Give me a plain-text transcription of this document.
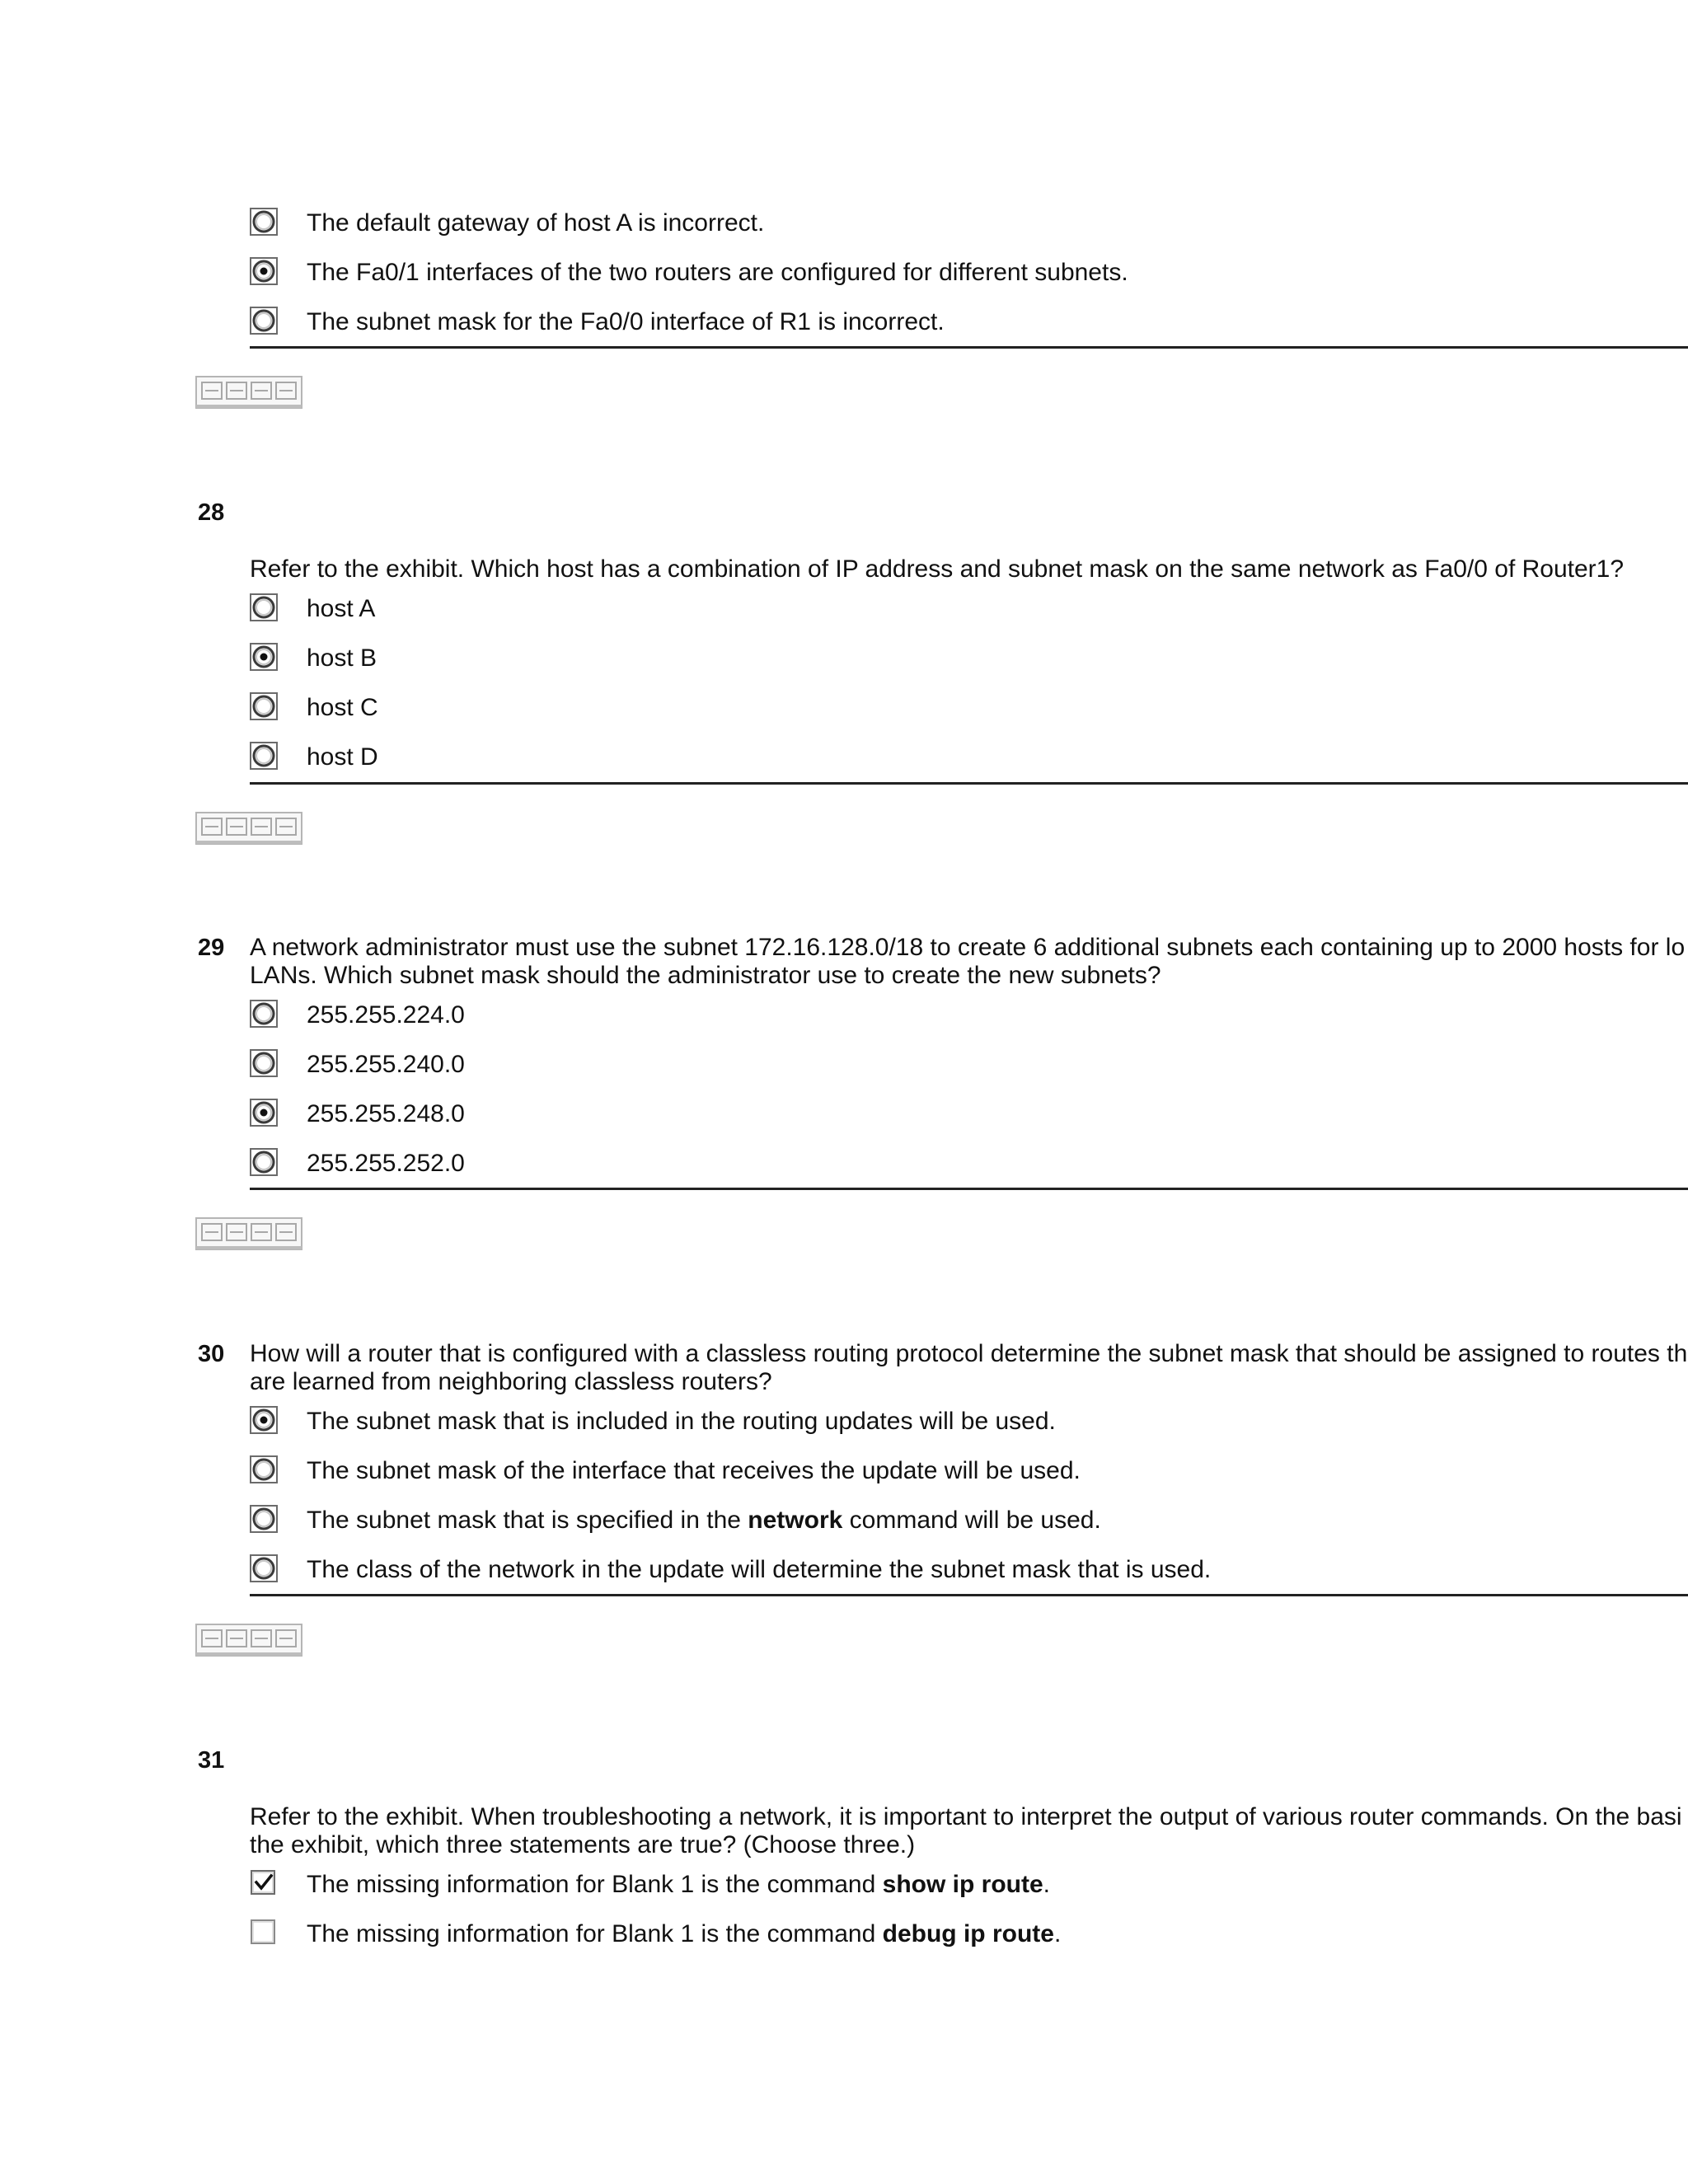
The default gateway of host A is incorrect.
The Fa0/1 interfaces of the two routers are configured for different subnets.
The subnet mask for the Fa0/0 interface of R1 is incorrect.
28
Refer to the exhibit. Which host has a combination of IP address and subnet mask on the same network as Fa0/0 of Router1?
host A
host B
host C
host D
29 A network administrator must use the subnet 172.16.128.0/18 to create 6 additional subnets each containing up to 2000 hosts for lo
LANs. Which subnet mask should the administrator use to create the new subnets?
255.255.224.0
255.255.240.0
255.255.248.0
255.255.252.0
30 How will a router that is configured with a classless routing protocol determine the subnet mask that should be assigned to routes th
are learned from neighboring classless routers?
The subnet mask that is included in the routing updates will be used.
The subnet mask of the interface that receives the update will be used.
The subnet mask that is specified in the network command will be used.
The class of the network in the update will determine the subnet mask that is used.
31
Refer to the exhibit. When troubleshooting a network, it is important to interpret the output of various router commands. On the basi
the exhibit, which three statements are true? (Choose three.)
The missing information for Blank 1 is the command show ip route.
The missing information for Blank 1 is the command debug ip route.
